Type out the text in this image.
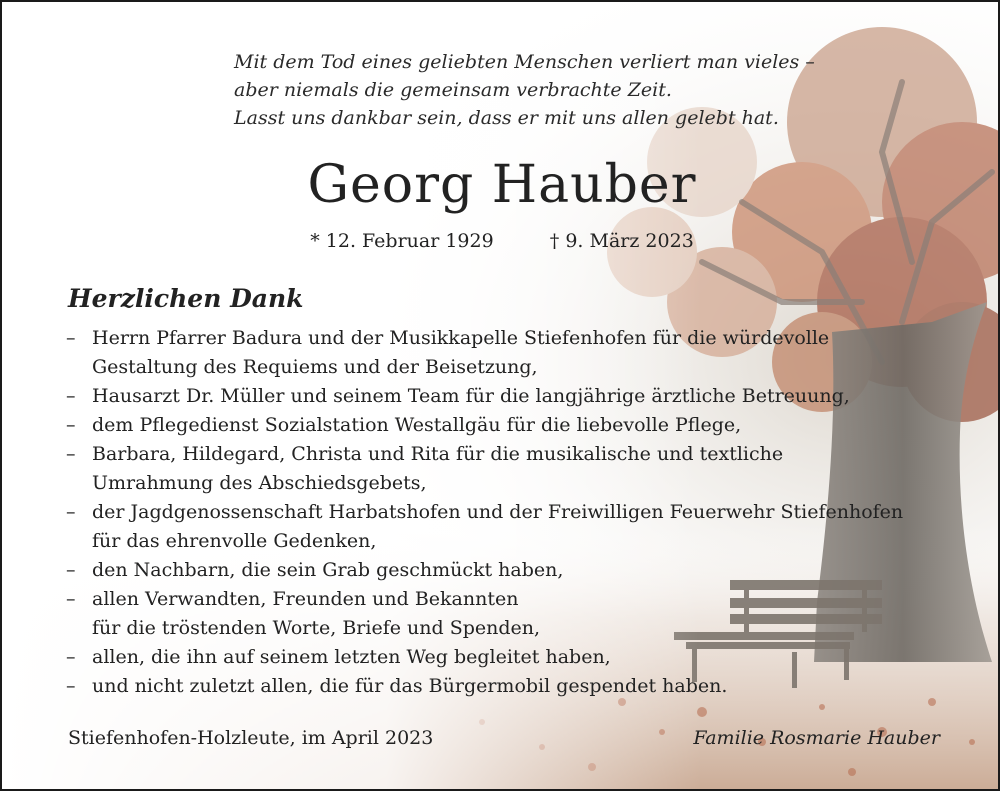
Mit dem Tod eines geliebten Menschen verliert man vieles –
aber niemals die gemeinsam verbrachte Zeit.
Lasst uns dankbar sein, dass er mit uns allen gelebt hat.
Georg Hauber
* 12. Februar 1929	† 9. März 2023
Herzlichen Dank
– Herrn Pfarrer Badura und der Musikkapelle Stiefenhofen für die würdevolle
Gestaltung des Requiems und der Beisetzung,
– Hausarzt Dr. Müller und seinem Team für die langjährige ärztliche Betreuung,
– dem Pflegedienst Sozialstation Westallgäu für die liebevolle Pflege,
– Barbara, Hildegard, Christa und Rita für die musikalische und textliche
Umrahmung des Abschiedsgebets,
– der Jagdgenossenschaft Harbatshofen und der Freiwilligen Feuerwehr Stiefenhofen
für das ehrenvolle Gedenken,
– den Nachbarn, die sein Grab geschmückt haben,
– allen Verwandten, Freunden und Bekannten
für die tröstenden Worte, Briefe und Spenden,
– allen, die ihn auf seinem letzten Weg begleitet haben,
– und nicht zuletzt allen, die für das Bürgermobil gespendet haben.
Stiefenhofen-Holzleute, im April 2023	Familie Rosmarie Hauber
